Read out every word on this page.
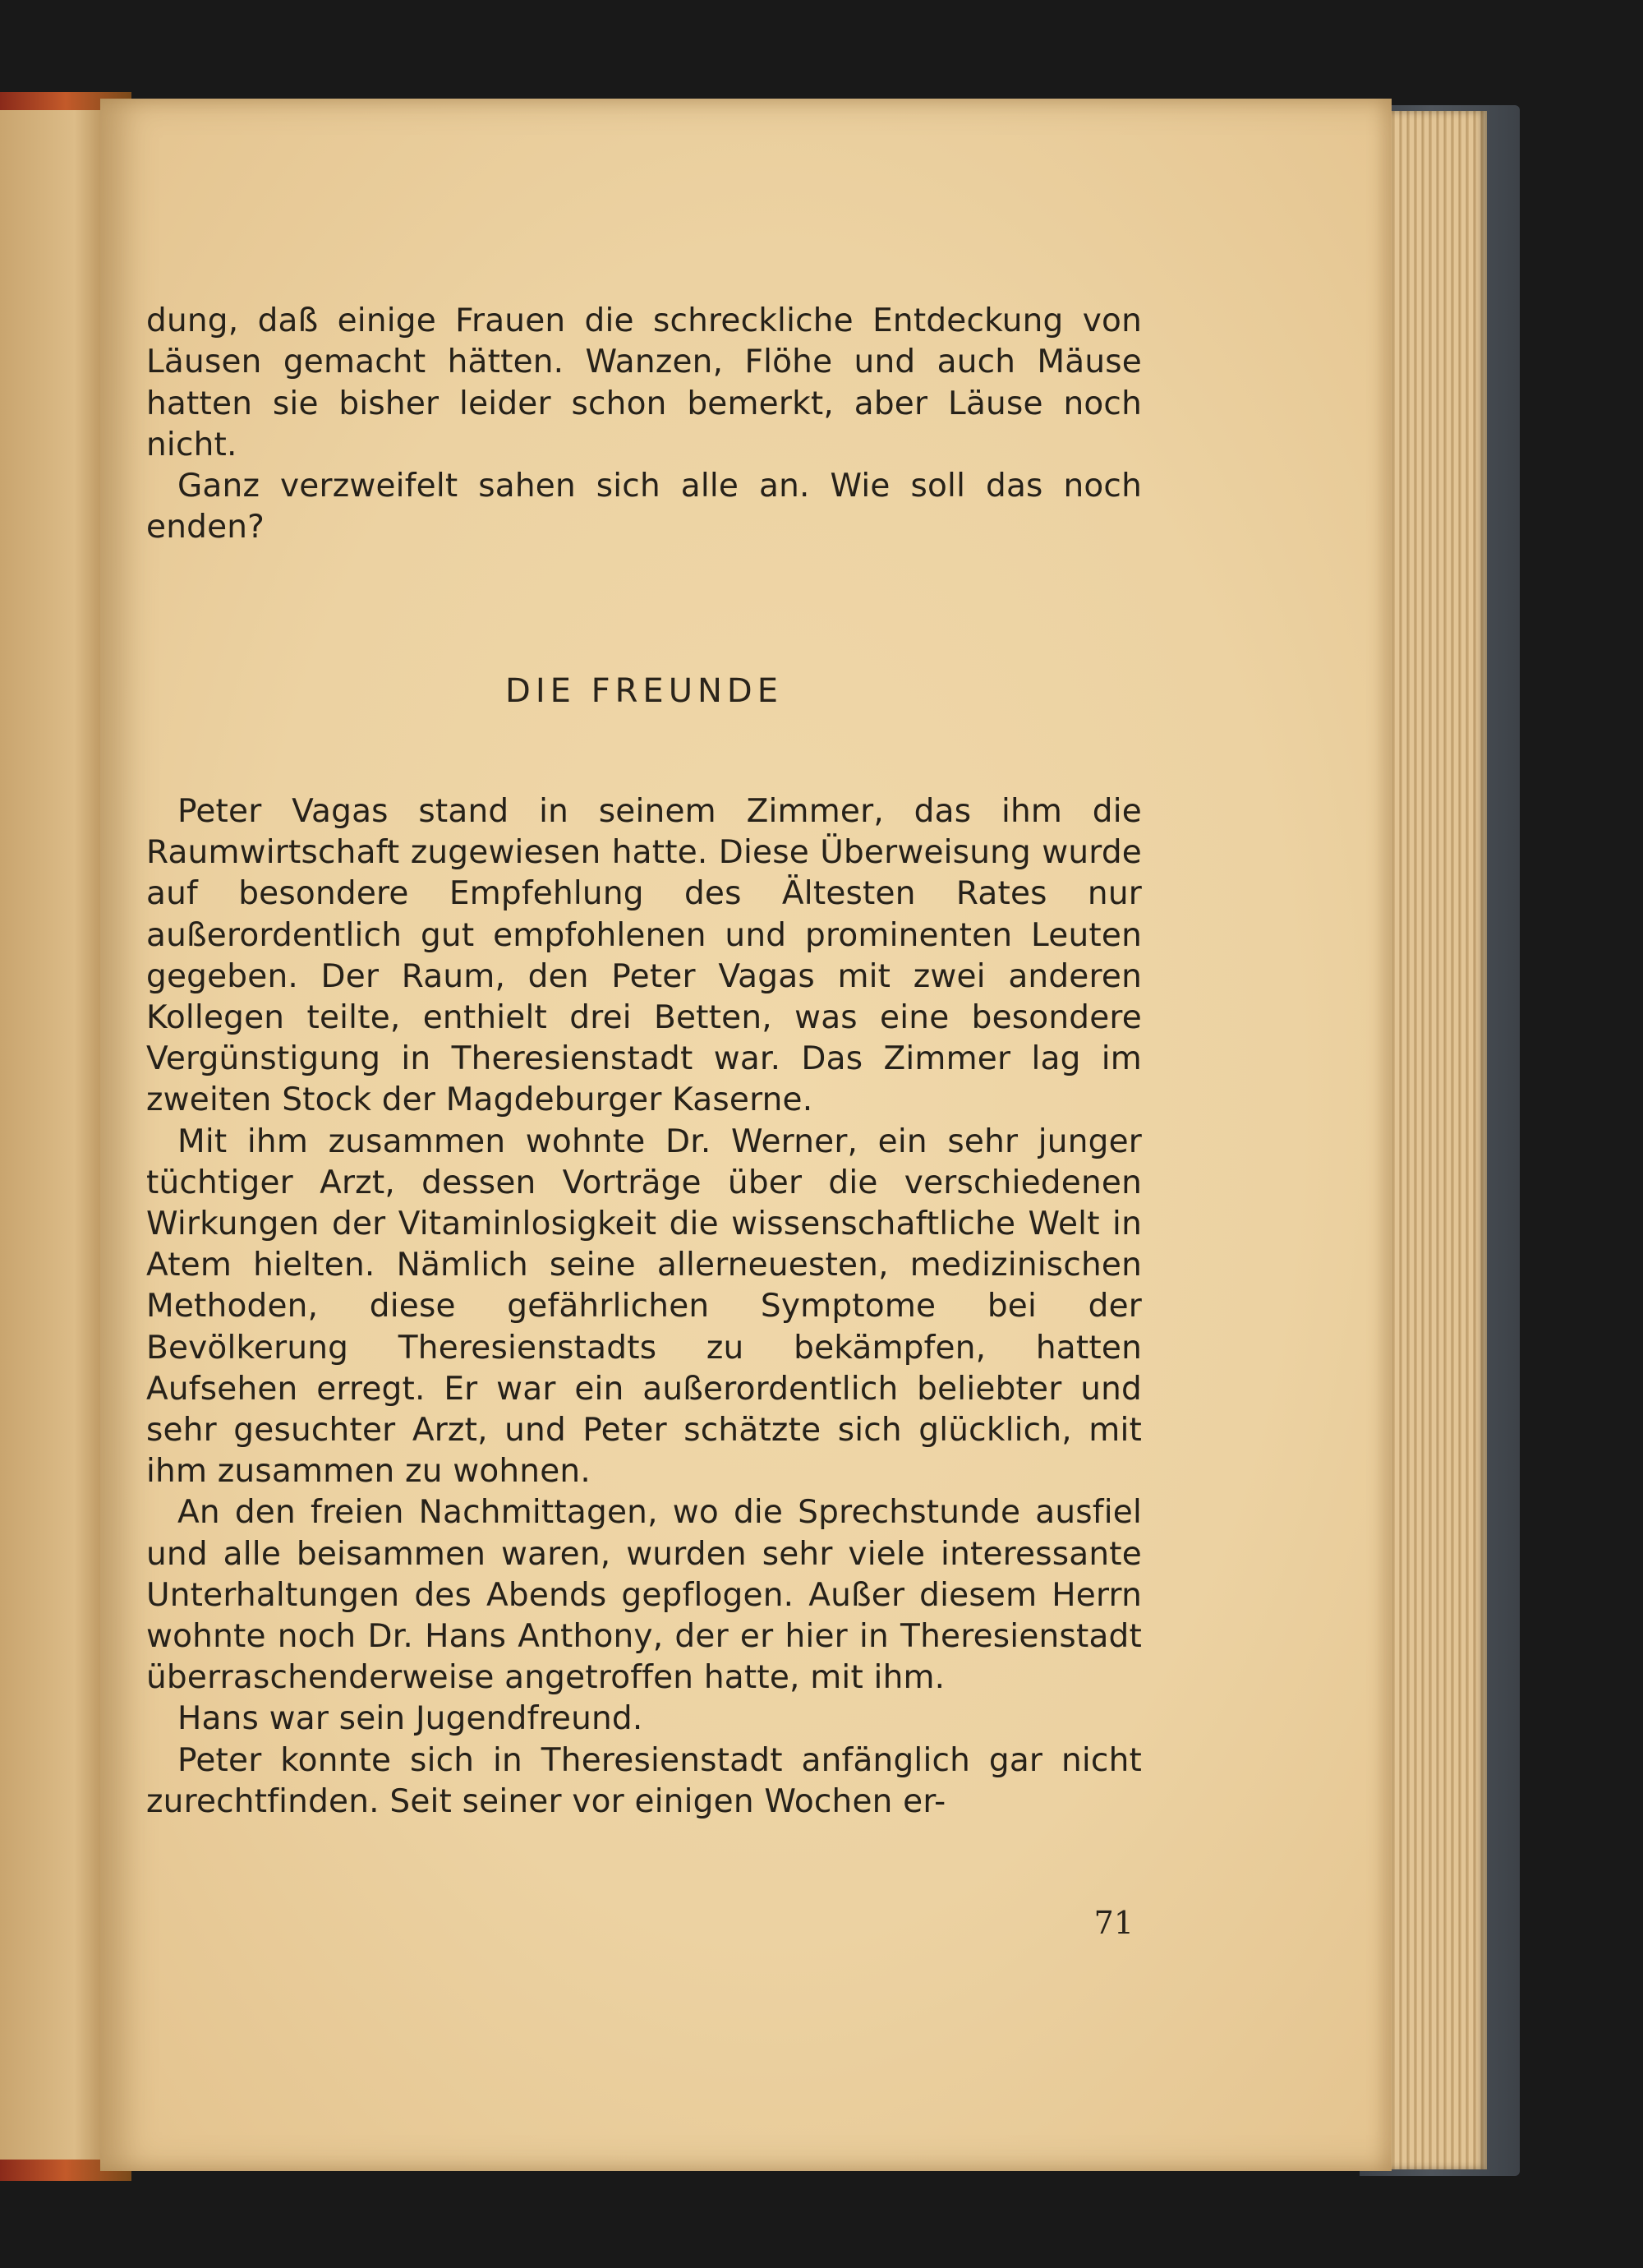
dung, daß einige Frauen die schreckliche Entdeckung von Läusen gemacht hätten. Wanzen, Flöhe und auch Mäuse hatten sie bisher leider schon bemerkt, aber Läuse noch nicht.

Ganz verzweifelt sahen sich alle an. Wie soll das noch enden?

DIE FREUNDE

Peter Vagas stand in seinem Zimmer, das ihm die Raumwirtschaft zugewiesen hatte. Diese Überweisung wurde auf besondere Empfehlung des Ältesten Rates nur außerordentlich gut empfohlenen und prominenten Leuten gegeben. Der Raum, den Peter Vagas mit zwei anderen Kollegen teilte, enthielt drei Betten, was eine besondere Vergünstigung in Theresienstadt war. Das Zimmer lag im zweiten Stock der Magdeburger Kaserne.

Mit ihm zusammen wohnte Dr. Werner, ein sehr junger tüchtiger Arzt, dessen Vorträge über die verschiedenen Wirkungen der Vitaminlosigkeit die wissenschaftliche Welt in Atem hielten. Nämlich seine allerneuesten, medizinischen Methoden, diese gefährlichen Symptome bei der Bevölkerung Theresienstadts zu bekämpfen, hatten Aufsehen erregt. Er war ein außerordentlich beliebter und sehr gesuchter Arzt, und Peter schätzte sich glücklich, mit ihm zusammen zu wohnen.

An den freien Nachmittagen, wo die Sprechstunde ausfiel und alle beisammen waren, wurden sehr viele interessante Unterhaltungen des Abends gepflogen. Außer diesem Herrn wohnte noch Dr. Hans Anthony, der er hier in Theresienstadt überraschenderweise angetroffen hatte, mit ihm.

Hans war sein Jugendfreund.

Peter konnte sich in Theresienstadt anfänglich gar nicht zurechtfinden. Seit seiner vor einigen Wochen er-

71
